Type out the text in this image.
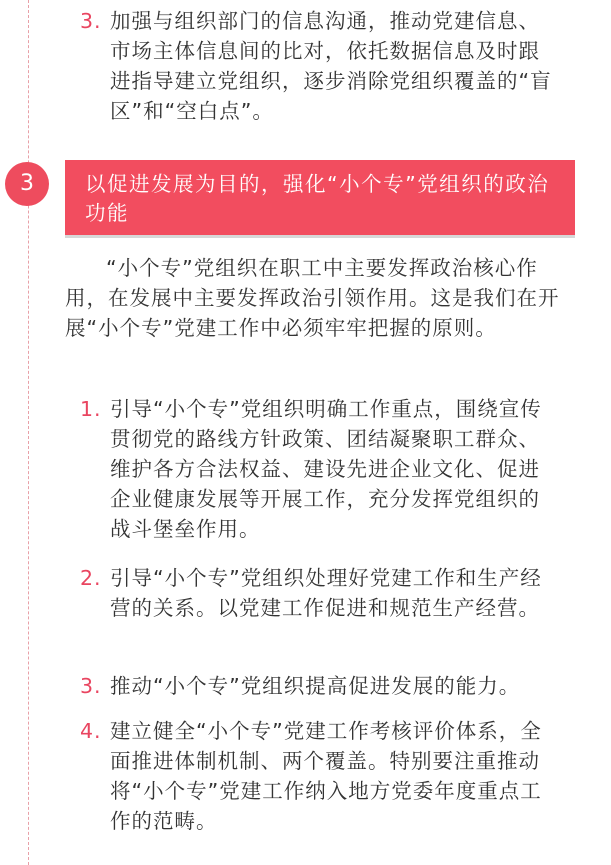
3. 加强与组织部门的信息沟通，推动党建信息、市场主体信息间的比对，依托数据信息及时跟进指导建立党组织，逐步消除党组织覆盖的“盲区”和“空白点”。
3	以促进发展为目的，强化“小个专”党组织的政治功能

“小个专”党组织在职工中主要发挥政治核心作用，在发展中主要发挥政治引领作用。这是我们在开展“小个专”党建工作中必须牢牢把握的原则。

1. 引导“小个专”党组织明确工作重点，围绕宣传贯彻党的路线方针政策、团结凝聚职工群众、维护各方合法权益、建设先进企业文化、促进企业健康发展等开展工作，充分发挥党组织的战斗堡垒作用。
2. 引导“小个专”党组织处理好党建工作和生产经营的关系。以党建工作促进和规范生产经营。
3. 推动“小个专”党组织提高促进发展的能力。
4. 建立健全“小个专”党建工作考核评价体系，全面推进体制机制、两个覆盖。特别要注重推动将“小个专”党建工作纳入地方党委年度重点工作的范畴。
